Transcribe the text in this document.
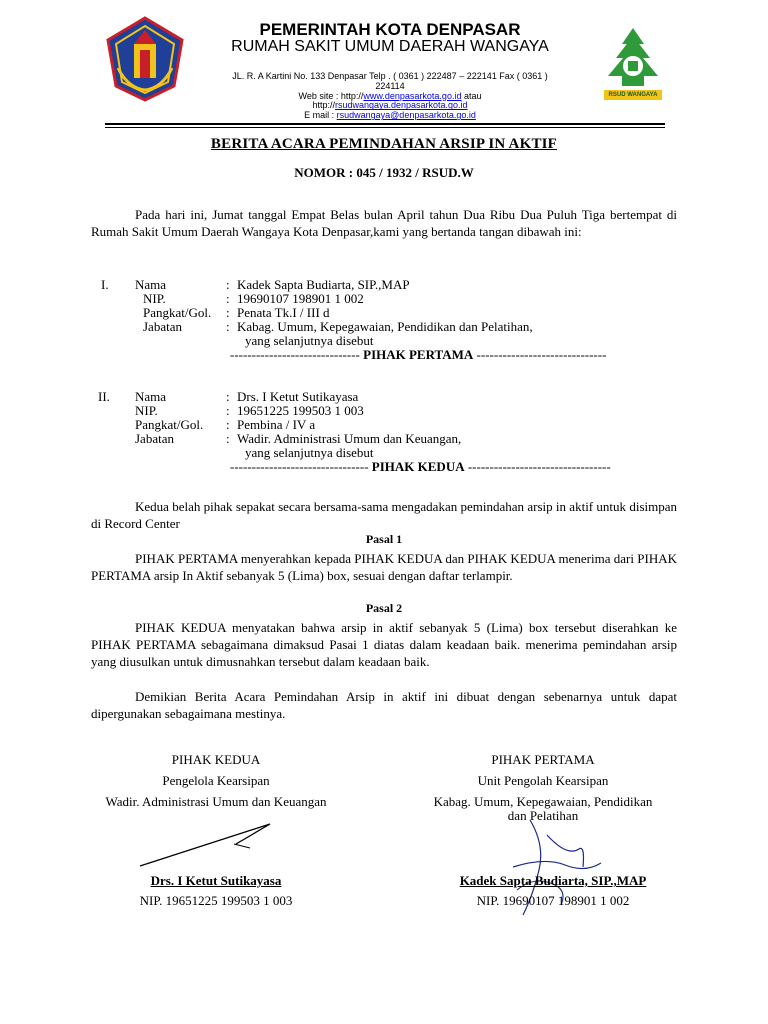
RSUD WANGAYA
PEMERINTAH KOTA DENPASAR
RUMAH SAKIT UMUM DAERAH WANGAYA
JL. R. A Kartini No. 133 Denpasar Telp . ( 0361 ) 222487 – 222141 Fax ( 0361 )
224114
Web site : http://www.denpasarkota.go.id atau
http://rsudwangaya.denpasarkota.go.id
E mail : rsudwangaya@denpasarkota.go.id
BERITA ACARA PEMINDAHAN ARSIP IN AKTIF
NOMOR : 045 / 1932 / RSUD.W
Pada hari ini, Jumat tanggal Empat Belas bulan April tahun Dua Ribu Dua Puluh Tiga bertempat di Rumah Sakit Umum Daerah Wangaya Kota Denpasar,kami yang bertanda tangan dibawah ini:
I. Nama
NIP.
Pangkat/Gol.
Jabatan
:
:
:
:
Kadek Sapta Budiarta, SIP.,MAP
19690107 198901 1 002
Penata Tk.I / III d
Kabag. Umum, Kepegawaian, Pendidikan dan Pelatihan,
yang selanjutnya disebut
------------------------------ PIHAK PERTAMA ------------------------------
II. Nama
NIP.
Pangkat/Gol.
Jabatan
:
:
:
:
Drs. I Ketut Sutikayasa
19651225 199503 1 003
Pembina / IV a
Wadir. Administrasi Umum dan Keuangan,
yang selanjutnya disebut
-------------------------------- PIHAK KEDUA ---------------------------------
Kedua belah pihak sepakat secara bersama-sama mengadakan pemindahan arsip in aktif untuk disimpan di Record Center
Pasal 1
PIHAK PERTAMA menyerahkan kepada PIHAK KEDUA dan PIHAK KEDUA menerima dari PIHAK PERTAMA arsip In Aktif sebanyak 5 (Lima) box, sesuai dengan daftar terlampir.
Pasal 2
PIHAK KEDUA menyatakan bahwa arsip in aktif sebanyak 5 (Lima) box tersebut diserahkan ke PIHAK PERTAMA sebagaimana dimaksud Pasai 1 diatas dalam keadaan baik. menerima pemindahan arsip yang diusulkan untuk dimusnahkan tersebut dalam keadaan baik.
Demikian Berita Acara Pemindahan Arsip in aktif ini dibuat dengan sebenarnya untuk dapat dipergunakan sebagaimana mestinya.
PIHAK KEDUA
Pengelola Kearsipan
Wadir. Administrasi Umum dan Keuangan
Drs. I Ketut Sutikayasa
NIP. 19651225 199503 1 003
PIHAK PERTAMA
Unit Pengolah Kearsipan
Kabag. Umum, Kepegawaian, Pendidikan
dan Pelatihan
Kadek Sapta Budiarta, SIP.,MAP
NIP. 19690107 198901 1 002
